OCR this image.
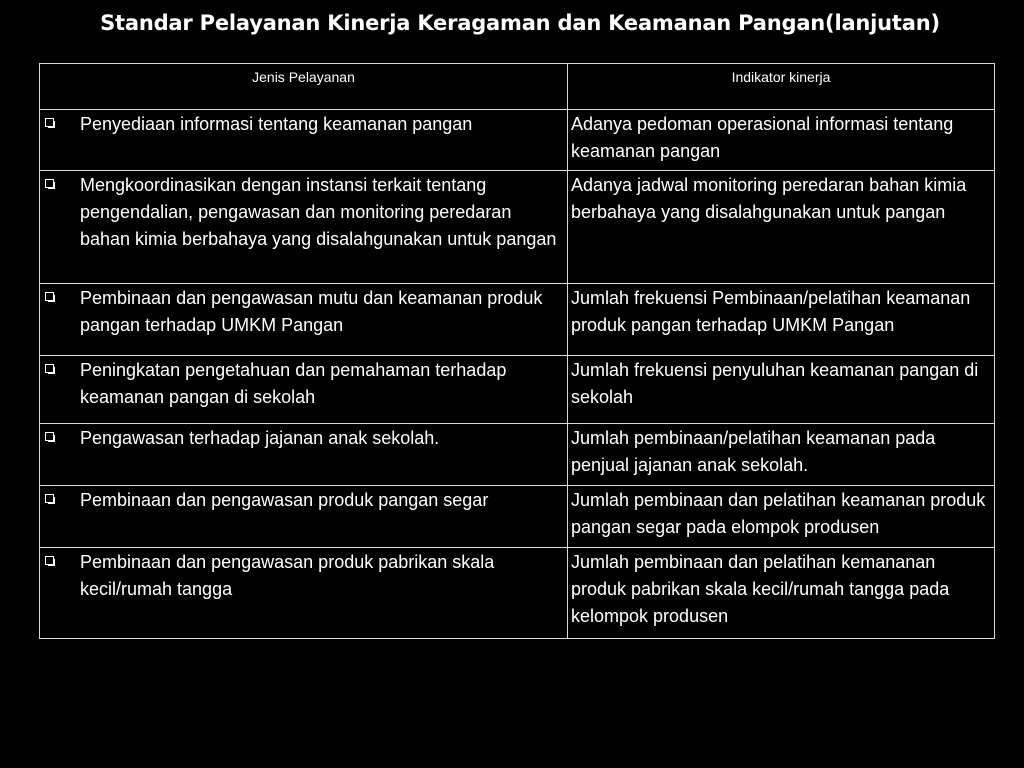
Standar Pelayanan Kinerja Keragaman dan Keamanan Pangan(lanjutan)
Jenis Pelayanan	Indikator kinerja

Penyediaan informasi tentang keamanan pangan	Adanya pedoman operasional informasi tentang keamanan pangan

Mengkoordinasikan dengan instansi terkait tentang pengendalian, pengawasan dan monitoring peredaran bahan kimia berbahaya yang disalahgunakan untuk pangan	Adanya jadwal monitoring peredaran bahan kimia berbahaya yang disalahgunakan untuk pangan

Pembinaan dan pengawasan mutu dan keamanan produk pangan terhadap UMKM Pangan	Jumlah frekuensi Pembinaan/pelatihan keamanan produk pangan terhadap UMKM Pangan

Peningkatan pengetahuan dan pemahaman terhadap keamanan pangan di sekolah	Jumlah frekuensi penyuluhan keamanan pangan di sekolah

Pengawasan terhadap jajanan anak sekolah.	Jumlah pembinaan/pelatihan keamanan pada penjual jajanan anak sekolah.

Pembinaan dan pengawasan produk pangan segar	Jumlah pembinaan dan pelatihan keamanan produk pangan segar pada elompok produsen

Pembinaan dan pengawasan produk pabrikan skala kecil/rumah tangga	Jumlah pembinaan dan pelatihan kemananan produk pabrikan skala kecil/rumah tangga pada kelompok produsen
